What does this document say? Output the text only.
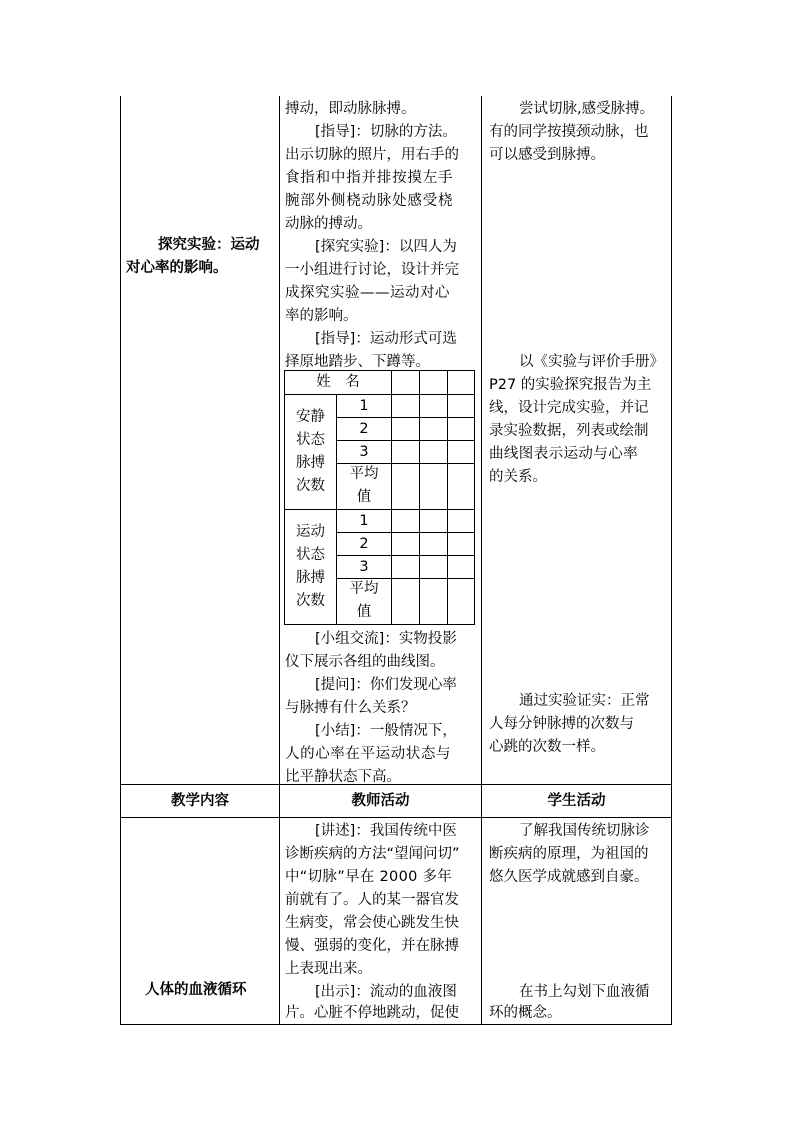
探究实验：运动
对心率的影响。
搏动，即动脉脉搏。
[指导]：切脉的方法。
出示切脉的照片，用右手的
食指和中指并排按摸左手
腕部外侧桡动脉处感受桡
动脉的搏动。
[探究实验]：以四人为
一小组进行讨论，设计并完
成探究实验——运动对心
率的影响。
[指导]：运动形式可选
择原地踏步、下蹲等。
姓　名
安静
状态
脉搏
次数
1
2
3
平均
值
运动
状态
脉搏
次数
1
2
3
平均
值
[小组交流]：实物投影
仪下展示各组的曲线图。
[提问]：你们发现心率
与脉搏有什么关系？
[小结]：一般情况下，
人的心率在平运动状态与
比平静状态下高。
尝试切脉,感受脉搏。
有的同学按摸颈动脉，也
可以感受到脉搏。
以《实验与评价手册》
P27 的实验探究报告为主
线，设计完成实验，并记
录实验数据，列表或绘制
曲线图表示运动与心率
的关系。
通过实验证实：正常
人每分钟脉搏的次数与
心跳的次数一样。
教学内容	教师活动	学生活动
人体的血液循环
[讲述]：我国传统中医
诊断疾病的方法“望闻问切”
中“切脉”早在 2000 多年
前就有了。人的某一器官发
生病变，常会使心跳发生快
慢、强弱的变化，并在脉搏
上表现出来。
[出示]：流动的血液图
片。心脏不停地跳动，促使
了解我国传统切脉诊
断疾病的原理，为祖国的
悠久医学成就感到自豪。
在书上勾划下血液循
环的概念。
